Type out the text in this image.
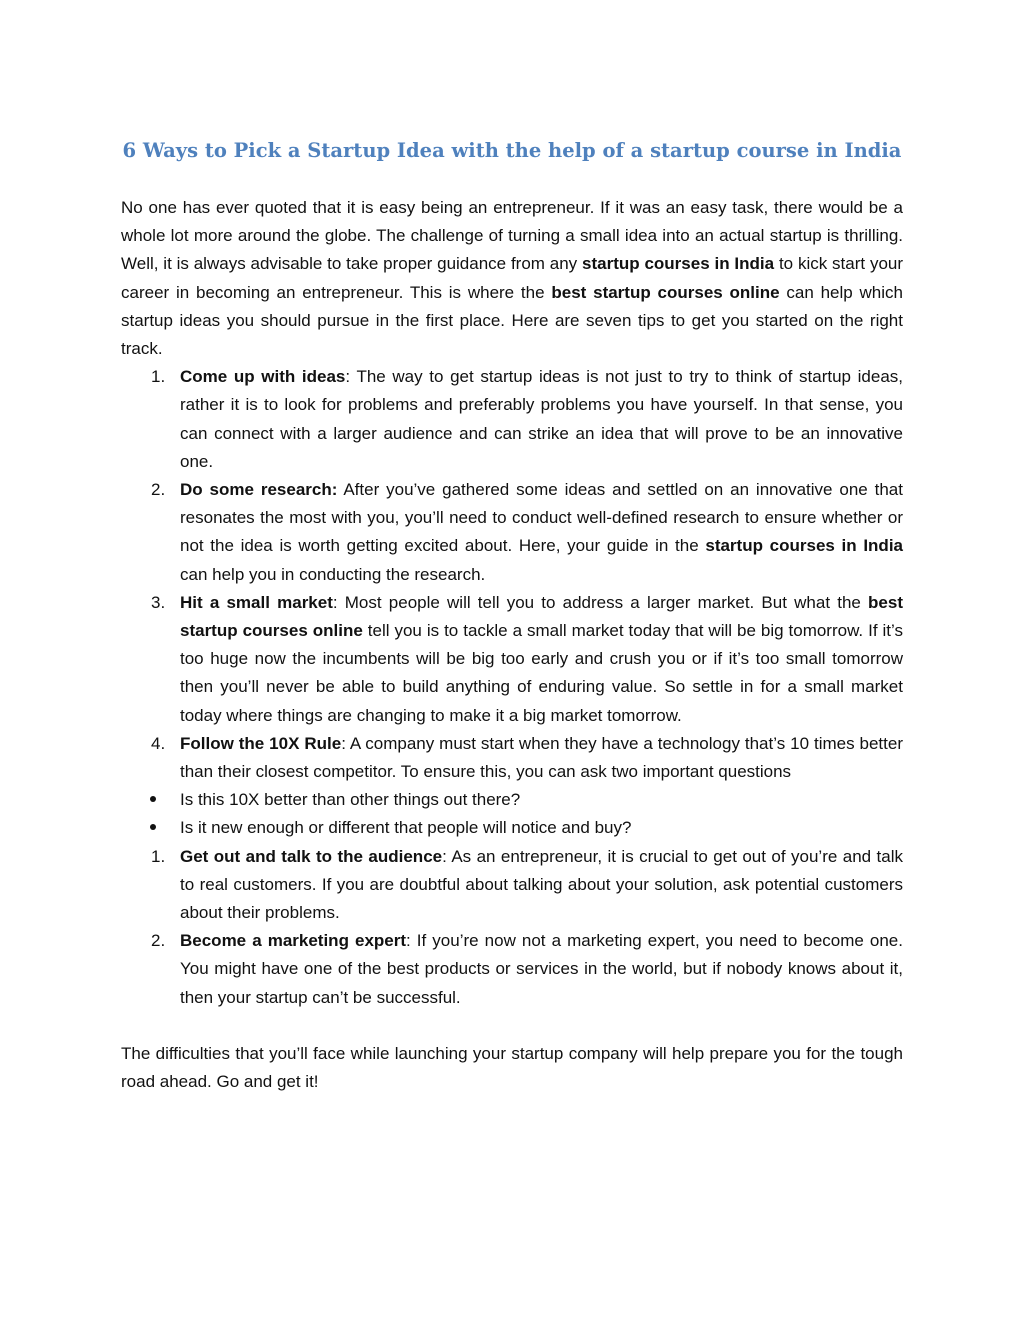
6 Ways to Pick a Startup Idea with the help of a startup course in India

No one has ever quoted that it is easy being an entrepreneur. If it was an easy task, there would be a whole lot more around the globe. The challenge of turning a small idea into an actual startup is thrilling. Well, it is always advisable to take proper guidance from any startup courses in India to kick start your career in becoming an entrepreneur. This is where the best startup courses online can help which startup ideas you should pursue in the first place. Here are seven tips to get you started on the right track.

1. Come up with ideas: The way to get startup ideas is not just to try to think of startup ideas, rather it is to look for problems and preferably problems you have yourself. In that sense, you can connect with a larger audience and can strike an idea that will prove to be an innovative one.
2. Do some research: After you’ve gathered some ideas and settled on an innovative one that resonates the most with you, you’ll need to conduct well-defined research to ensure whether or not the idea is worth getting excited about. Here, your guide in the startup courses in India can help you in conducting the research.
3. Hit a small market: Most people will tell you to address a larger market. But what the best startup courses online tell you is to tackle a small market today that will be big tomorrow. If it’s too huge now the incumbents will be big too early and crush you or if it’s too small tomorrow then you’ll never be able to build anything of enduring value. So settle in for a small market today where things are changing to make it a big market tomorrow.
4. Follow the 10X Rule: A company must start when they have a technology that’s 10 times better than their closest competitor. To ensure this, you can ask two important questions
Is this 10X better than other things out there?
Is it new enough or different that people will notice and buy?
1. Get out and talk to the audience: As an entrepreneur, it is crucial to get out of you’re and talk to real customers. If you are doubtful about talking about your solution, ask potential customers about their problems.
2. Become a marketing expert: If you’re now not a marketing expert, you need to become one. You might have one of the best products or services in the world, but if nobody knows about it, then your startup can’t be successful.

The difficulties that you’ll face while launching your startup company will help prepare you for the tough road ahead. Go and get it!
